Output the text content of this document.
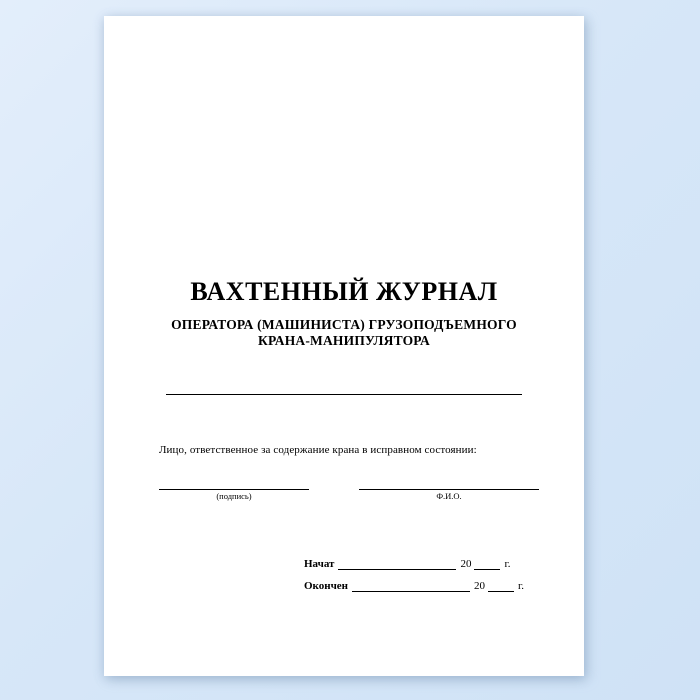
ВАХТЕННЫЙ ЖУРНАЛ
ОПЕРАТОРА (МАШИНИСТА) ГРУЗОПОДЪЕМНОГО
КРАНА-МАНИПУЛЯТОРА
Лицо, ответственное за содержание крана в исправном состоянии:
(подпись)	Ф.И.О.
Начат	20	г.
Окончен	20	г.
